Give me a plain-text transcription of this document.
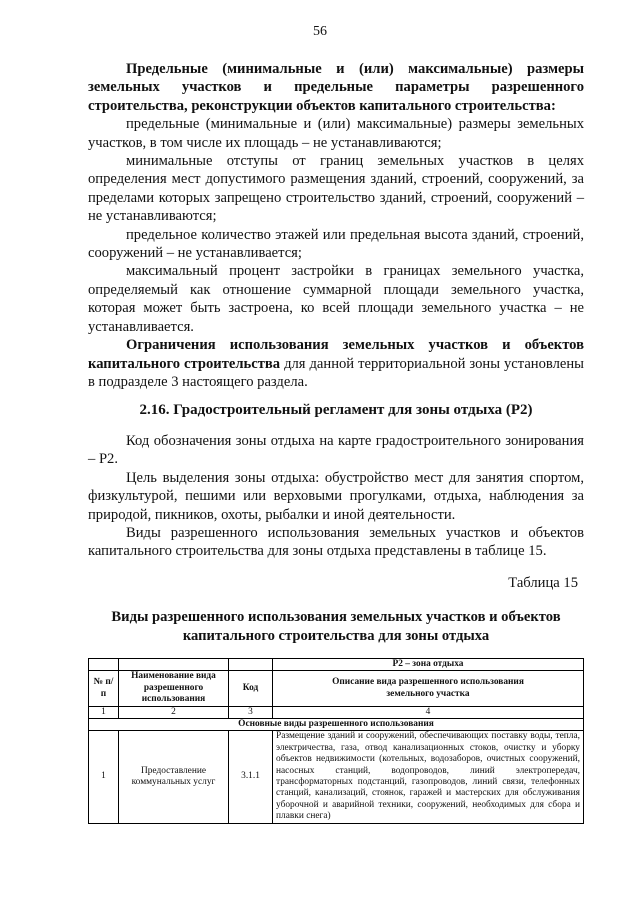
56

Предельные (минимальные и (или) максимальные) размеры земельных участков и предельные параметры разрешенного строительства, реконструкции объектов капитального строительства:

предельные (минимальные и (или) максимальные) размеры земельных участков, в том числе их площадь – не устанавливаются;

минимальные отступы от границ земельных участков в целях определения мест допустимого размещения зданий, строений, сооружений, за пределами которых запрещено строительство зданий, строений, сооружений – не устанавливаются;

предельное количество этажей или предельная высота зданий, строений, сооружений – не устанавливается;

максимальный процент застройки в границах земельного участка, определяемый как отношение суммарной площади земельного участка, которая может быть застроена, ко всей площади земельного участка – не устанавливается.

Ограничения использования земельных участков и объектов капитального строительства для данной территориальной зоны установлены в подразделе 3 настоящего раздела.

2.16. Градостроительный регламент для зоны отдыха (Р2)

Код обозначения зоны отдыха на карте градостроительного зонирования – Р2.

Цель выделения зоны отдыха: обустройство мест для занятия спортом, физкультурой, пешими или верховыми прогулками, отдыха, наблюдения за природой, пикников, охоты, рыбалки и иной деятельности.

Виды разрешенного использования земельных участков и объектов капитального строительства для зоны отдыха представлены в таблице 15.

Таблица 15
Виды разрешенного использования земельных участков и объектов капитального строительства для зоны отдыха
			Р2 – зона отдыха
№ п/п	Наименование вида разрешенного использования	Код	Описание вида разрешенного использования земельного участка
1	2	3	4
Основные виды разрешенного использования			
1	Предоставление коммунальных услуг	3.1.1	Размещение зданий и сооружений, обеспечивающих поставку воды, тепла, электричества, газа, отвод канализационных стоков, очистку и уборку объектов недвижимости (котельных, водозаборов, очистных сооружений, насосных станций, водопроводов, линий электропередач, трансформаторных подстанций, газопроводов, линий связи, телефонных станций, канализаций, стоянок, гаражей и мастерских для обслуживания уборочной и аварийной техники, сооружений, необходимых для сбора и плавки снега)
